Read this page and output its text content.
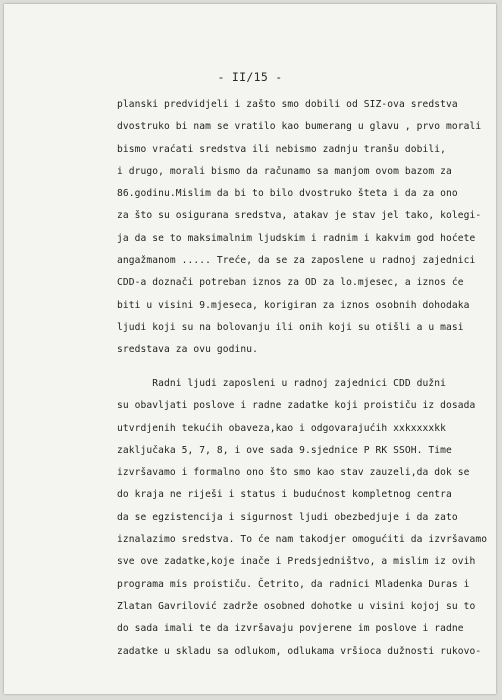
- II/15 -
planski predvidjeli i zašto smo dobili od SIZ-ova sredstva
dvostruko bi nam se vratilo kao bumerang u glavu , prvo morali
bismo vraćati sredstva ili nebismo zadnju tranšu dobili,
i drugo, morali bismo da računamo sa manjom ovom bazom za
86.godinu.Mislim da bi to bilo dvostruko šteta i da za ono
za što su osigurana sredstva, atakav je stav jel tako, kolegi-
ja da se to maksimalnim ljudskim i radnim i kakvim god hoćete
angažmanom ..... Treće, da se za zaposlene u radnoj zajednici
CDD-a doznači potreban iznos za OD za lo.mjesec, a iznos će
biti u visini 9.mjeseca, korigiran za iznos osobnih dohodaka
ljudi koji su na bolovanju ili onih koji su otišli a u masi
sredstava za ovu godinu.
Radni ljudi zaposleni u radnoj zajednici CDD dužni
su obavljati poslove i radne zadatke koji proističu iz dosada
utvrdjenih tekućih obaveza,kao i odgovarajućih xxkxxxxkk
zaključaka 5, 7, 8, i ove sada 9.sjednice P RK SSOH. Time
izvršavamo i formalno ono što smo kao stav zauzeli,da dok se
do kraja ne riješi i status i budućnost kompletnog centra
da se egzistencija i sigurnost ljudi obezbedjuje i da zato
iznalazimo sredstva. To će nam takodjer omogućiti da izvršavamo
sve ove zadatke,koje inače i Predsjedništvo, a mislim iz ovih
programa mis proističu. Četrito, da radnici Mladenka Duras i
Zlatan Gavrilović zadrže osobned dohotke u visini kojoj su to
do sada imali te da izvršavaju povjerene im poslove i radne
zadatke u skladu sa odlukom, odlukama vršioca dužnosti rukovo-
